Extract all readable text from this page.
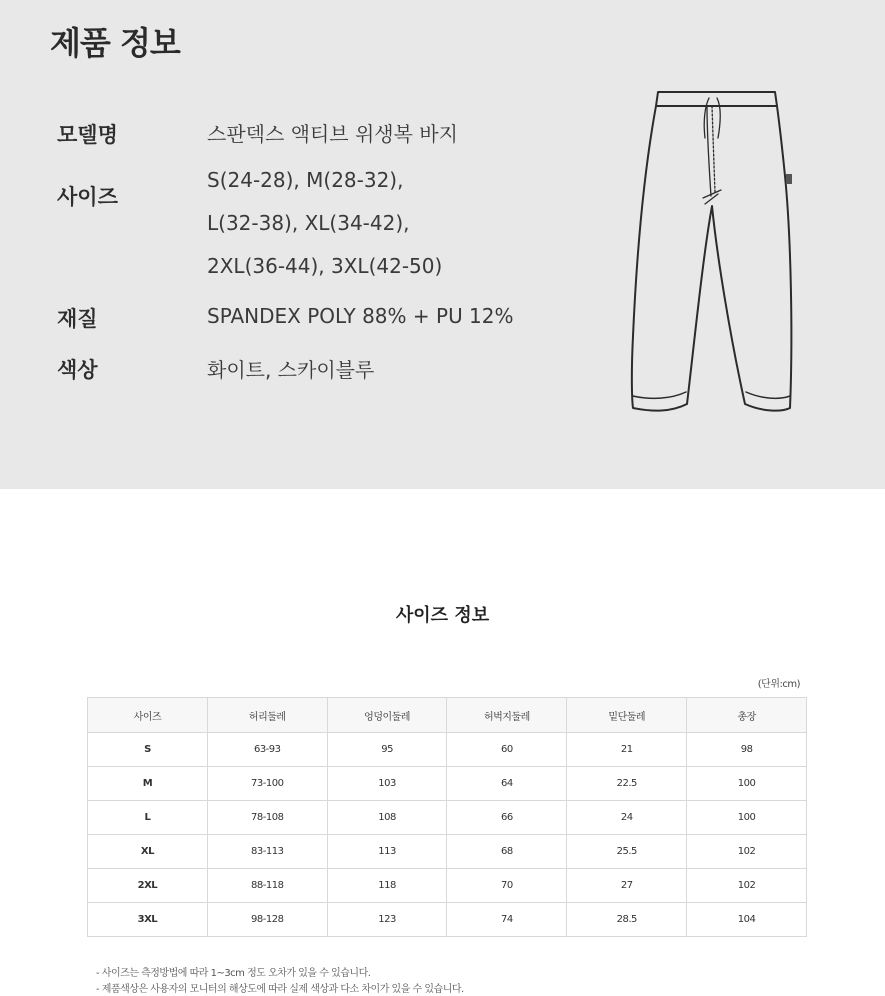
제품 정보
모델명	스판덱스 액티브 위생복 바지
사이즈
S(24-28), M(28-32),
L(32-38), XL(34-42),
2XL(36-44), 3XL(42-50)
재질	SPANDEX POLY 88% + PU 12%
색상	화이트, 스카이블루
사이즈 정보
(단위:cm)
사이즈	허리둘레	엉덩이둘레	허벅지둘레	밑단둘레	총장
S	63-93	95	60	21	98
M	73-100	103	64	22.5	100
L	78-108	108	66	24	100
XL	83-113	113	68	25.5	102
2XL	88-118	118	70	27	102
3XL	98-128	123	74	28.5	104
- 사이즈는 측정방법에 따라 1~3cm 정도 오차가 있을 수 있습니다.
- 제품색상은 사용자의 모니터의 해상도에 따라 실제 색상과 다소 차이가 있을 수 있습니다.
